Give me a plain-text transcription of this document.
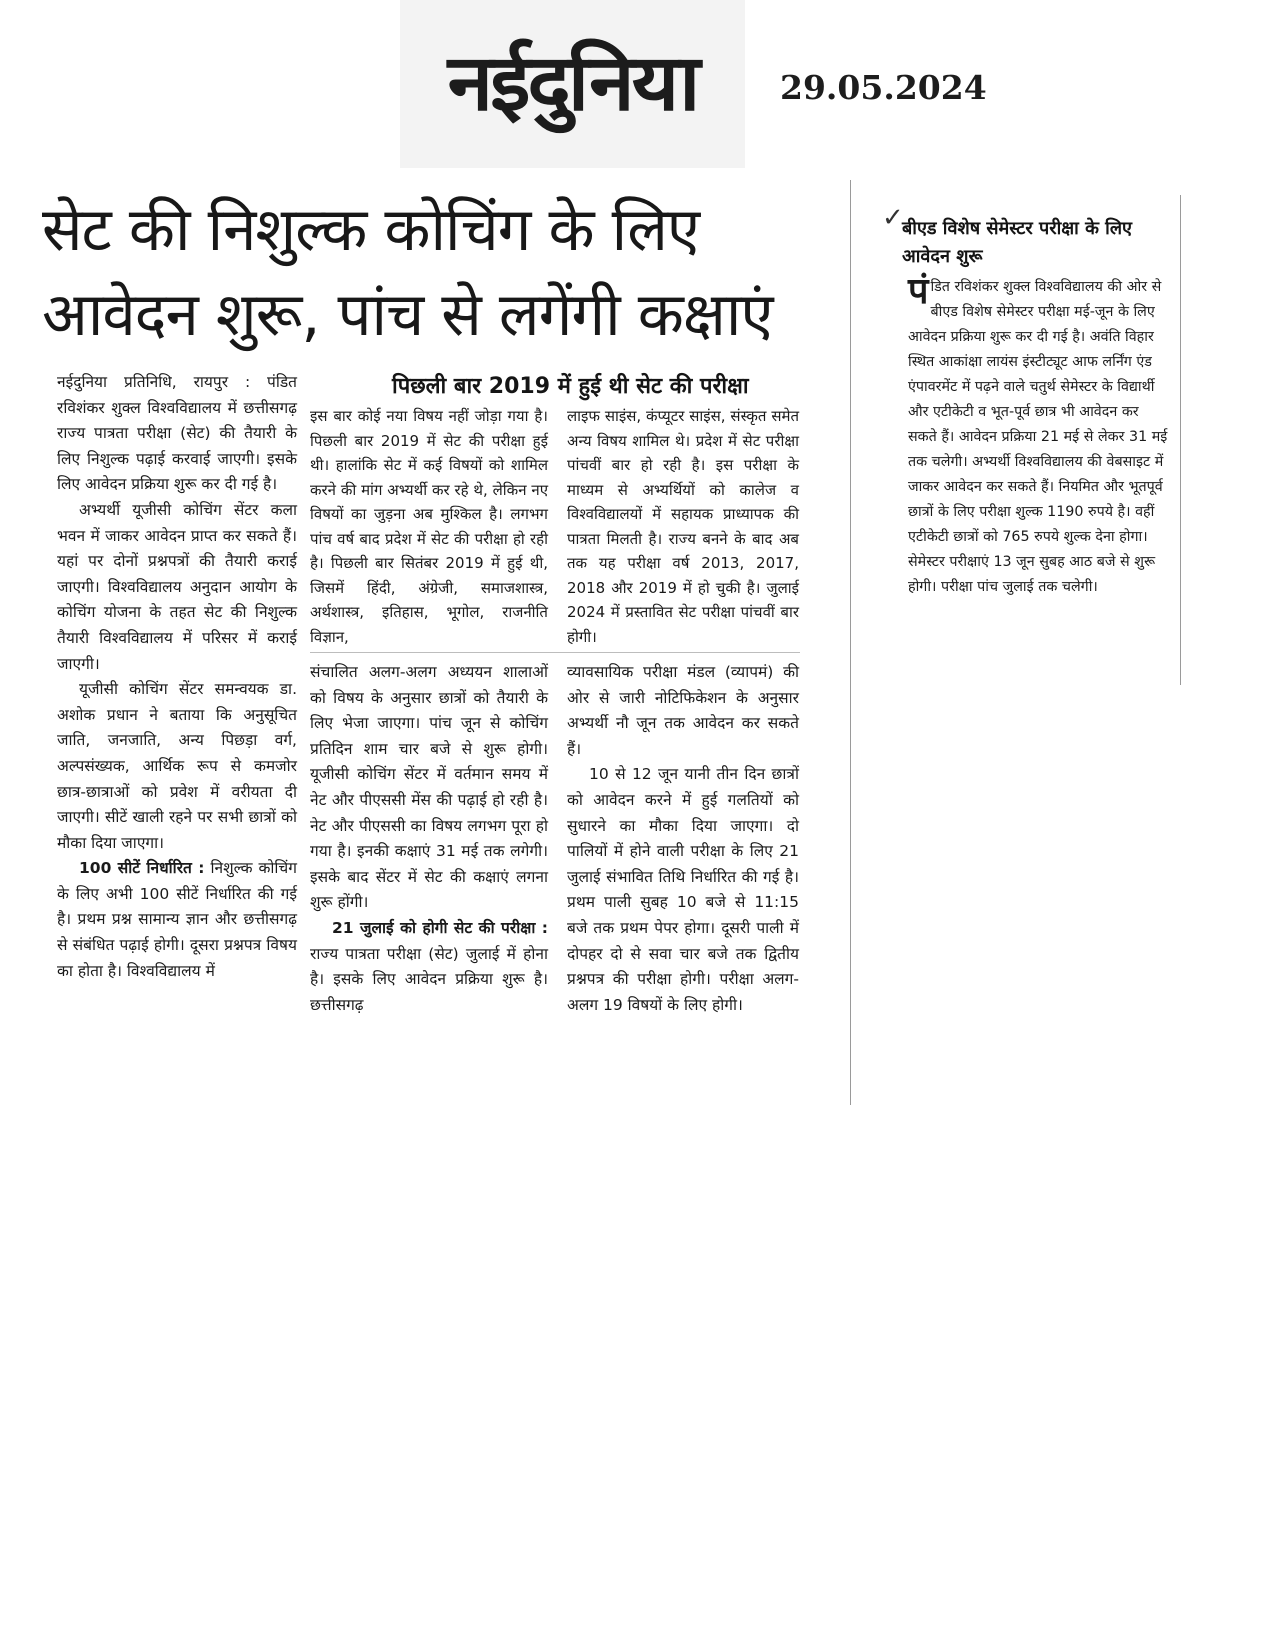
नईदुनिया	29.05.2024
सेट की निशुल्क कोचिंग के लिए
आवेदन शुरू, पांच से लगेंगी कक्षाएं

नईदुनिया प्रतिनिधि, रायपुर : पंडित रविशंकर शुक्ल विश्वविद्यालय में छत्तीसगढ़ राज्य पात्रता परीक्षा (सेट) की तैयारी के लिए निशुल्क पढ़ाई करवाई जाएगी। इसके लिए आवेदन प्रक्रिया शुरू कर दी गई है।

अभ्यर्थी यूजीसी कोचिंग सेंटर कला भवन में जाकर आवेदन प्राप्त कर सकते हैं। यहां पर दोनों प्रश्नपत्रों की तैयारी कराई जाएगी। विश्वविद्यालय अनुदान आयोग के कोचिंग योजना के तहत सेट की निशुल्क तैयारी विश्वविद्यालय में परिसर में कराई जाएगी।

यूजीसी कोचिंग सेंटर समन्वयक डा. अशोक प्रधान ने बताया कि अनुसूचित जाति, जनजाति, अन्य पिछड़ा वर्ग, अल्पसंख्यक, आर्थिक रूप से कमजोर छात्र-छात्राओं को प्रवेश में वरीयता दी जाएगी। सीटें खाली रहने पर सभी छात्रों को मौका दिया जाएगा।

100 सीटें निर्धारित : निशुल्क कोचिंग के लिए अभी 100 सीटें निर्धारित की गई है। प्रथम प्रश्न सामान्य ज्ञान और छत्तीसगढ़ से संबंधित पढ़ाई होगी। दूसरा प्रश्नपत्र विषय का होता है। विश्वविद्यालय में

पिछली बार 2019 में हुई थी सेट की परीक्षा
इस बार कोई नया विषय नहीं जोड़ा गया है। पिछली बार 2019 में सेट की परीक्षा हुई थी। हालांकि सेट में कई विषयों को शामिल करने की मांग अभ्यर्थी कर रहे थे, लेकिन नए विषयों का जुड़ना अब मुश्किल है। लगभग पांच वर्ष बाद प्रदेश में सेट की परीक्षा हो रही है। पिछली बार सितंबर 2019 में हुई थी, जिसमें हिंदी, अंग्रेजी, समाजशास्त्र, अर्थशास्त्र, इतिहास, भूगोल, राजनीति विज्ञान,
लाइफ साइंस, कंप्यूटर साइंस, संस्कृत समेत अन्य विषय शामिल थे। प्रदेश में सेट परीक्षा पांचवीं बार हो रही है। इस परीक्षा के माध्यम से अभ्यर्थियों को कालेज व विश्वविद्यालयों में सहायक प्राध्यापक की पात्रता मिलती है। राज्य बनने के बाद अब तक यह परीक्षा वर्ष 2013, 2017, 2018 और 2019 में हो चुकी है। जुलाई 2024 में प्रस्तावित सेट परीक्षा पांचवीं बार होगी।

संचालित अलग-अलग अध्ययन शालाओं को विषय के अनुसार छात्रों को तैयारी के लिए भेजा जाएगा। पांच जून से कोचिंग प्रतिदिन शाम चार बजे से शुरू होगी। यूजीसी कोचिंग सेंटर में वर्तमान समय में नेट और पीएससी मेंस की पढ़ाई हो रही है। नेट और पीएससी का विषय लगभग पूरा हो गया है। इनकी कक्षाएं 31 मई तक लगेगी। इसके बाद सेंटर में सेट की कक्षाएं लगना शुरू होंगी।

21 जुलाई को होगी सेट की परीक्षा : राज्य पात्रता परीक्षा (सेट) जुलाई में होना है। इसके लिए आवेदन प्रक्रिया शुरू है। छत्तीसगढ़

व्यावसायिक परीक्षा मंडल (व्यापमं) की ओर से जारी नोटिफिकेशन के अनुसार अभ्यर्थी नौ जून तक आवेदन कर सकते हैं।

10 से 12 जून यानी तीन दिन छात्रों को आवेदन करने में हुई गलतियों को सुधारने का मौका दिया जाएगा। दो पालियों में होने वाली परीक्षा के लिए 21 जुलाई संभावित तिथि निर्धारित की गई है। प्रथम पाली सुबह 10 बजे से 11:15 बजे तक प्रथम पेपर होगा। दूसरी पाली में दोपहर दो से सवा चार बजे तक द्वितीय प्रश्नपत्र की परीक्षा होगी। परीक्षा अलग-अलग 19 विषयों के लिए होगी।

✓
बीएड विशेष सेमेस्टर परीक्षा के लिए आवेदन शुरू
पंडित रविशंकर शुक्ल विश्वविद्यालय की ओर से बीएड विशेष सेमेस्टर परीक्षा मई-जून के लिए आवेदन प्रक्रिया शुरू कर दी गई है। अवंति विहार स्थित आकांक्षा लायंस इंस्टीट्यूट आफ लर्निंग एंड एंपावरमेंट में पढ़ने वाले चतुर्थ सेमेस्टर के विद्यार्थी और एटीकेटी व भूत-पूर्व छात्र भी आवेदन कर सकते हैं। आवेदन प्रक्रिया 21 मई से लेकर 31 मई तक चलेगी। अभ्यर्थी विश्वविद्यालय की वेबसाइट में जाकर आवेदन कर सकते हैं। नियमित और भूतपूर्व छात्रों के लिए परीक्षा शुल्क 1190 रुपये है। वहीं एटीकेटी छात्रों को 765 रुपये शुल्क देना होगा। सेमेस्टर परीक्षाएं 13 जून सुबह आठ बजे से शुरू होगी। परीक्षा पांच जुलाई तक चलेगी।
